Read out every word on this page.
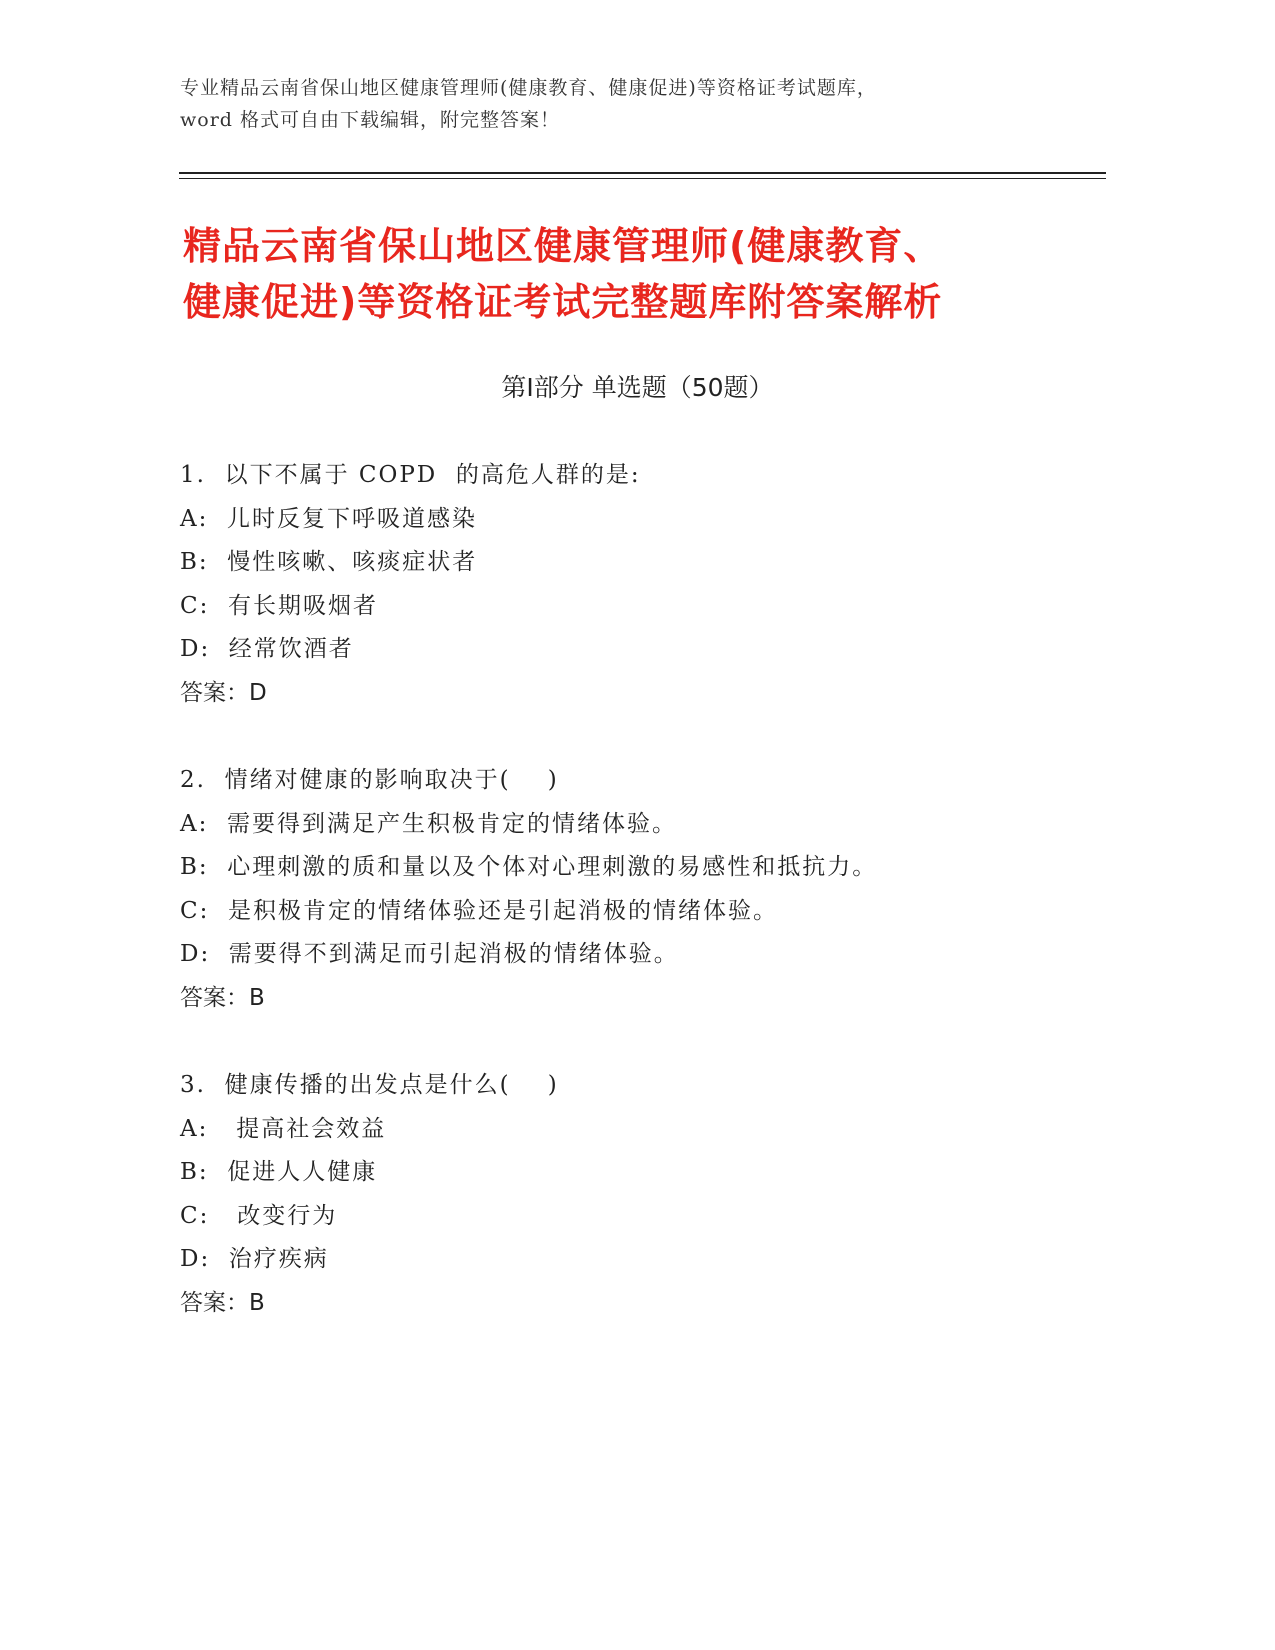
专业精品云南省保山地区健康管理师(健康教育、健康促进)等资格证考试题库，
word 格式可自由下载编辑，附完整答案！
精品云南省保山地区健康管理师(健康教育、
健康促进)等资格证考试完整题库附答案解析
第Ⅰ部分 单选题（50题）
1.  以下不属于 COPD  的高危人群的是:
A:  儿时反复下呼吸道感染
B:  慢性咳嗽、咳痰症状者
C:  有长期吸烟者
D:  经常饮酒者
答案：D
2.  情绪对健康的影响取决于(    )
A:  需要得到满足产生积极肯定的情绪体验。
B:  心理刺激的质和量以及个体对心理刺激的易感性和抵抗力。
C:  是积极肯定的情绪体验还是引起消极的情绪体验。
D:  需要得不到满足而引起消极的情绪体验。
答案：B
3.  健康传播的出发点是什么(    )
A:   提高社会效益
B:  促进人人健康
C:   改变行为
D:  治疗疾病
答案：B
